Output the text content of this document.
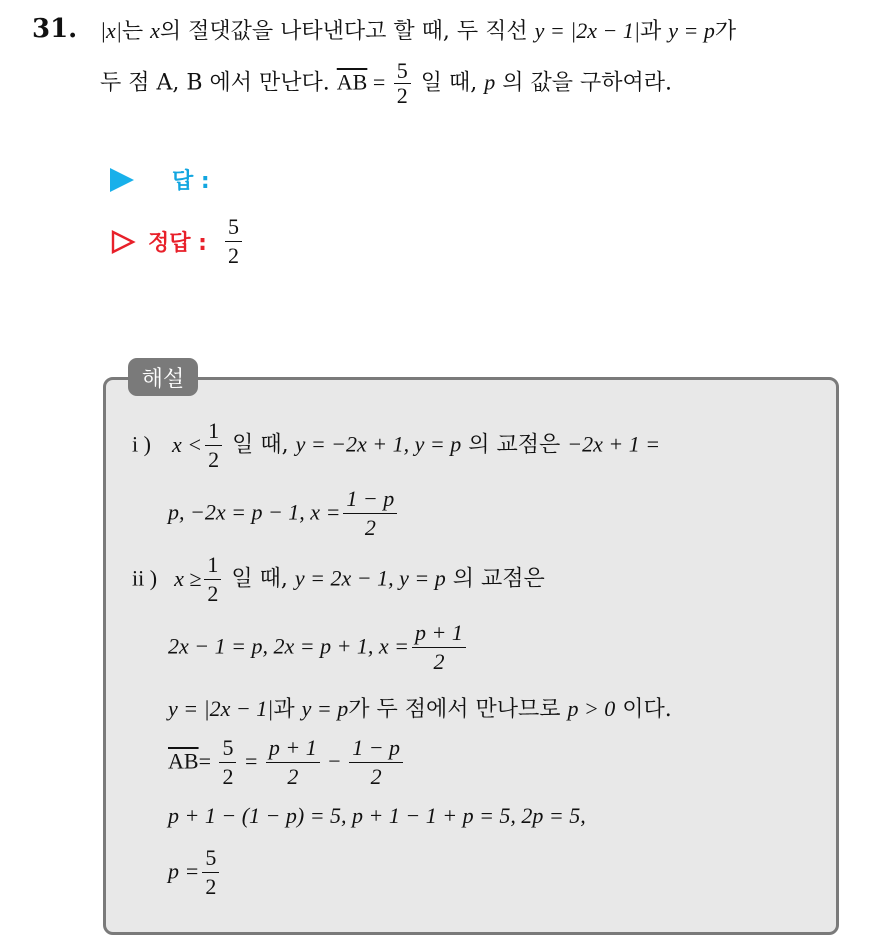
31. |x|는 x의 절댓값을 나타낸다고 할 때, 두 직선 y = |2x − 1|과 y = p가
두 점 A, B 에서 만난다. $\overline{AB} = \frac{5}{2}$ 일 때, p 의 값을 구하여라.
답 :
정답 : $\frac{5}{2}$
해설
i ) $x < \frac{1}{2}$ 일 때, y = −2x + 1, y = p 의 교점은 −2x + 1 =
p, −2x = p − 1, $x = \frac{1 - p}{2}$
ii ) $x \ge \frac{1}{2}$ 일 때, y = 2x − 1, y = p 의 교점은
2x − 1 = p, 2x = p + 1, $x = \frac{p + 1}{2}$
y = |2x − 1|과 y = p가 두 점에서 만나므로 p > 0 이다.
$\overline{AB}= \frac{5}{2} = \frac{p + 1}{2} - \frac{1 - p}{2}$
p + 1 − (1 − p) = 5, p + 1 − 1 + p = 5, 2p = 5,
$p = \frac{5}{2}$
